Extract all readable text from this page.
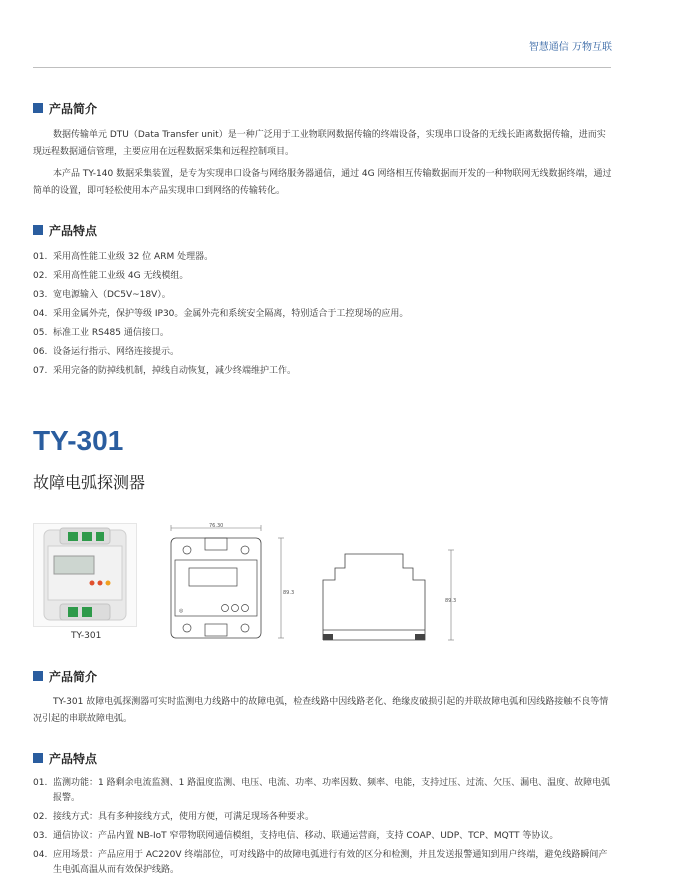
智慧通信 万物互联
产品简介
数据传输单元 DTU（Data Transfer unit）是一种广泛用于工业物联网数据传输的终端设备，实现串口设备的无线长距离数据传输，进而实现远程数据通信管理，主要应用在远程数据采集和远程控制项目。
本产品 TY-140 数据采集装置，是专为实现串口设备与网络服务器通信，通过 4G 网络相互传输数据而开发的一种物联网无线数据终端，通过简单的设置，即可轻松使用本产品实现串口到网络的传输转化。
产品特点
01. 采用高性能工业级 32 位 ARM 处理器。
02. 采用高性能工业级 4G 无线模组。
03. 宽电源输入（DC5V~18V）。
04. 采用金属外壳，保护等级 IP30。金属外壳和系统安全隔离，特别适合于工控现场的应用。
05. 标准工业 RS485 通信接口。
06. 设备运行指示、网络连接提示。
07. 采用完备的防掉线机制，掉线自动恢复，减少终端维护工作。
TY-301
故障电弧探测器
TY-301
76.30
89.3
◎
89.3
产品简介
TY-301 故障电弧探测器可实时监测电力线路中的故障电弧，检查线路中因线路老化、绝缘皮破损引起的并联故障电弧和因线路接触不良等情况引起的串联故障电弧。
产品特点
01. 监测功能：1 路剩余电流监测、1 路温度监测、电压、电流、功率、功率因数、频率、电能，支持过压、过流、欠压、漏电、温度、故障电弧报警。
02. 接线方式：具有多种接线方式，使用方便，可满足现场各种要求。
03. 通信协议：产品内置 NB-IoT 窄带物联网通信模组，支持电信、移动、联通运营商，支持 COAP、UDP、TCP、MQTT 等协议。
04. 应用场景：产品应用于 AC220V 终端部位，可对线路中的故障电弧进行有效的区分和检测，并且发送报警通知到用户终端，避免线路瞬间产生电弧高温从而有效保护线路。
